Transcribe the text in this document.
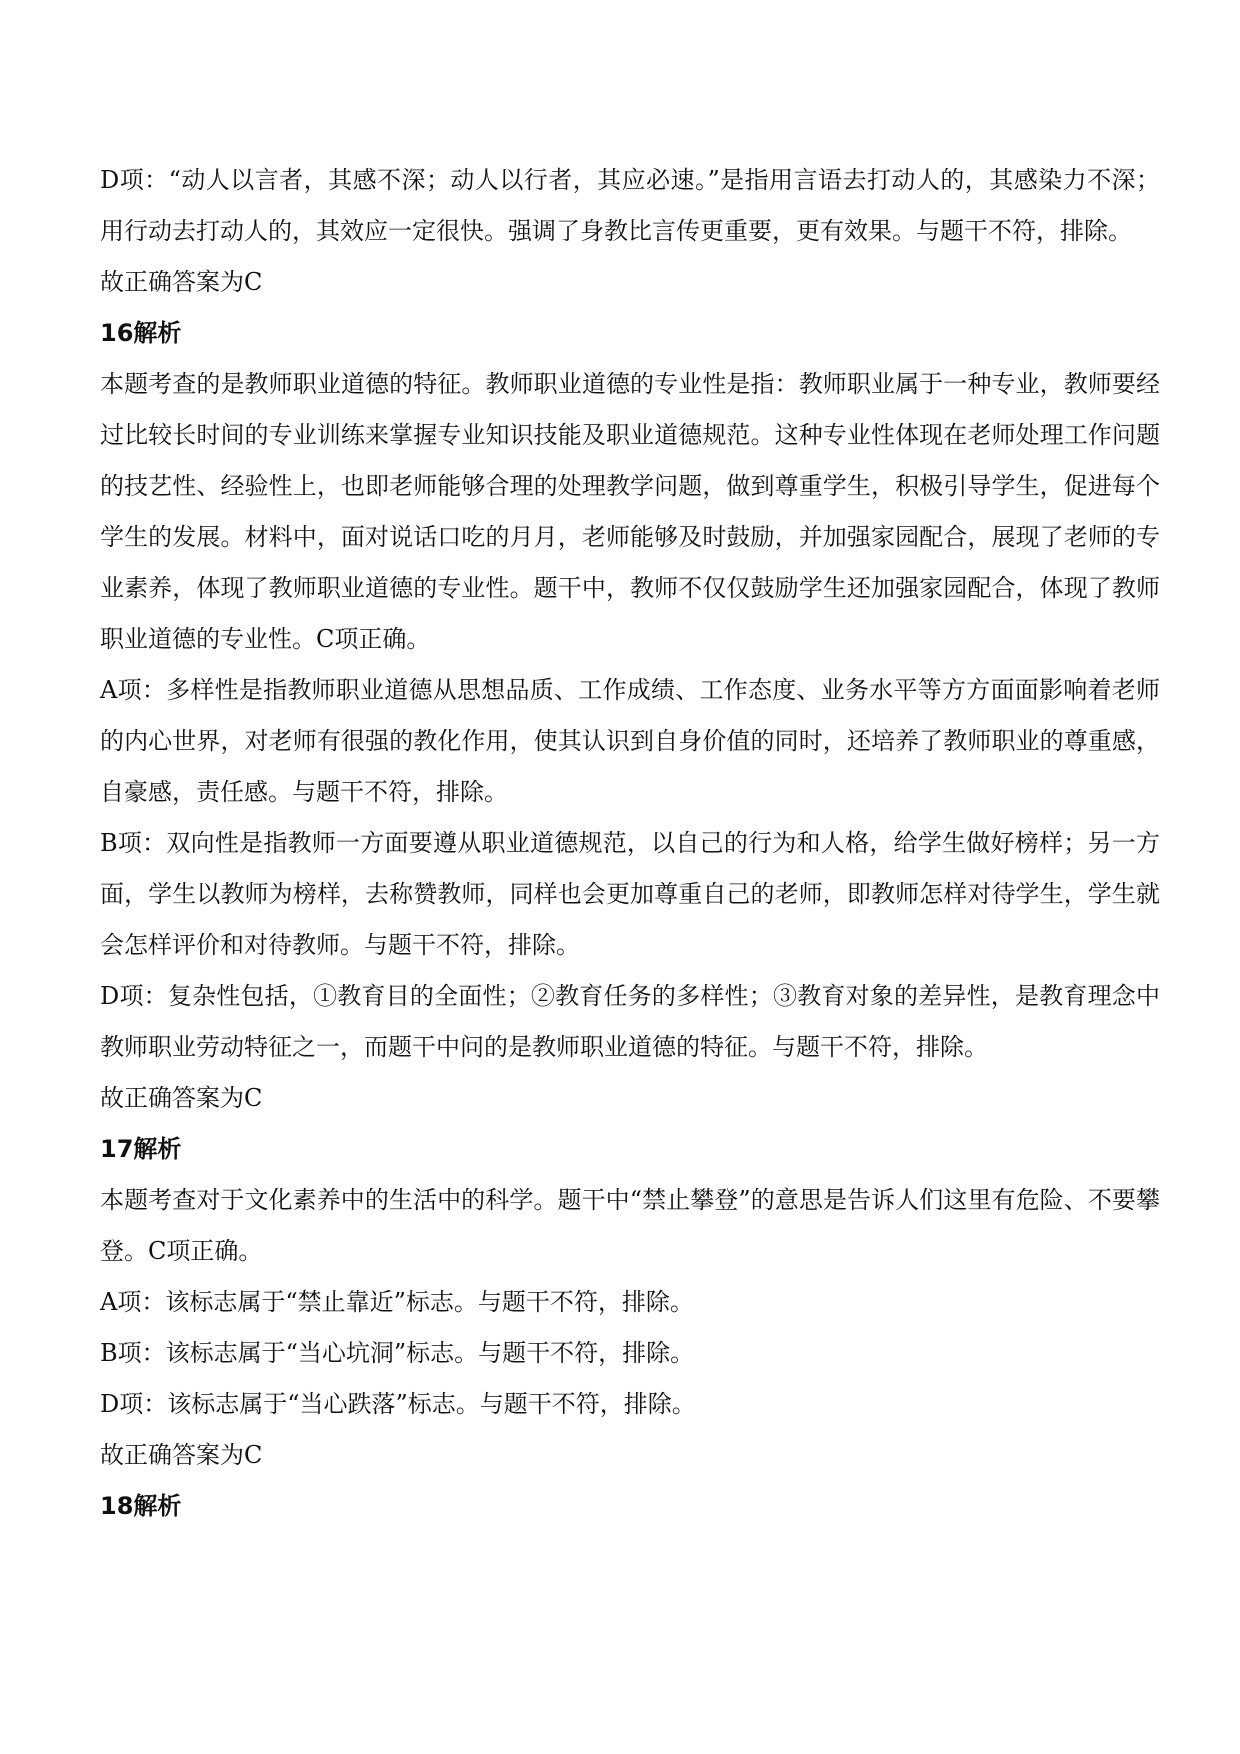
D项：“动人以言者，其感不深；动人以行者，其应必速。”是指用言语去打动人的，其感染力不深；用行动去打动人的，其效应一定很快。强调了身教比言传更重要，更有效果。与题干不符，排除。

故正确答案为C

16解析

本题考查的是教师职业道德的特征。教师职业道德的专业性是指：教师职业属于一种专业，教师要经过比较长时间的专业训练来掌握专业知识技能及职业道德规范。这种专业性体现在老师处理工作问题的技艺性、经验性上，也即老师能够合理的处理教学问题，做到尊重学生，积极引导学生，促进每个学生的发展。材料中，面对说话口吃的月月，老师能够及时鼓励，并加强家园配合，展现了老师的专业素养，体现了教师职业道德的专业性。题干中，教师不仅仅鼓励学生还加强家园配合，体现了教师职业道德的专业性。C项正确。

A项：多样性是指教师职业道德从思想品质、工作成绩、工作态度、业务水平等方方面面影响着老师的内心世界，对老师有很强的教化作用，使其认识到自身价值的同时，还培养了教师职业的尊重感，自豪感，责任感。与题干不符，排除。

B项：双向性是指教师一方面要遵从职业道德规范，以自己的行为和人格，给学生做好榜样；另一方面，学生以教师为榜样，去称赞教师，同样也会更加尊重自己的老师，即教师怎样对待学生，学生就会怎样评价和对待教师。与题干不符，排除。

D项：复杂性包括，①教育目的全面性；②教育任务的多样性；③教育对象的差异性，是教育理念中教师职业劳动特征之一，而题干中问的是教师职业道德的特征。与题干不符，排除。

故正确答案为C

17解析

本题考查对于文化素养中的生活中的科学。题干中“禁止攀登”的意思是告诉人们这里有危险、不要攀登。C项正确。

A项：该标志属于“禁止靠近”标志。与题干不符，排除。

B项：该标志属于“当心坑洞”标志。与题干不符，排除。

D项：该标志属于“当心跌落”标志。与题干不符，排除。

故正确答案为C

18解析
